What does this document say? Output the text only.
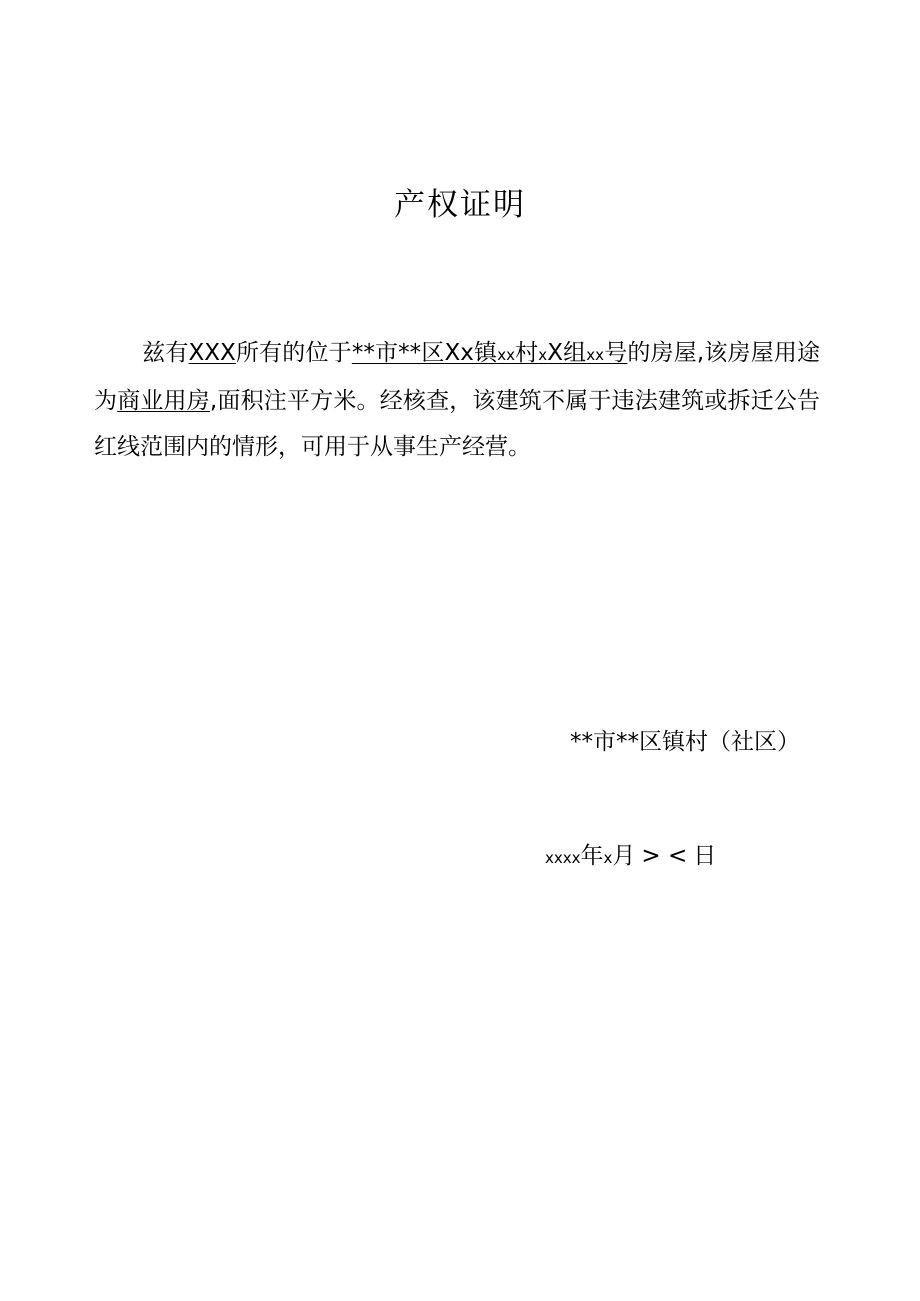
产权证明

兹有XXX所有的位于**市**区Xx镇xx村xX组xx号的房屋,该房屋用途为商业用房,面积注平方米。经核查，该建筑不属于违法建筑或拆迁公告红线范围内的情形，可用于从事生产经营。

**市**区镇村（社区）
xxxx年x月 > < 日
